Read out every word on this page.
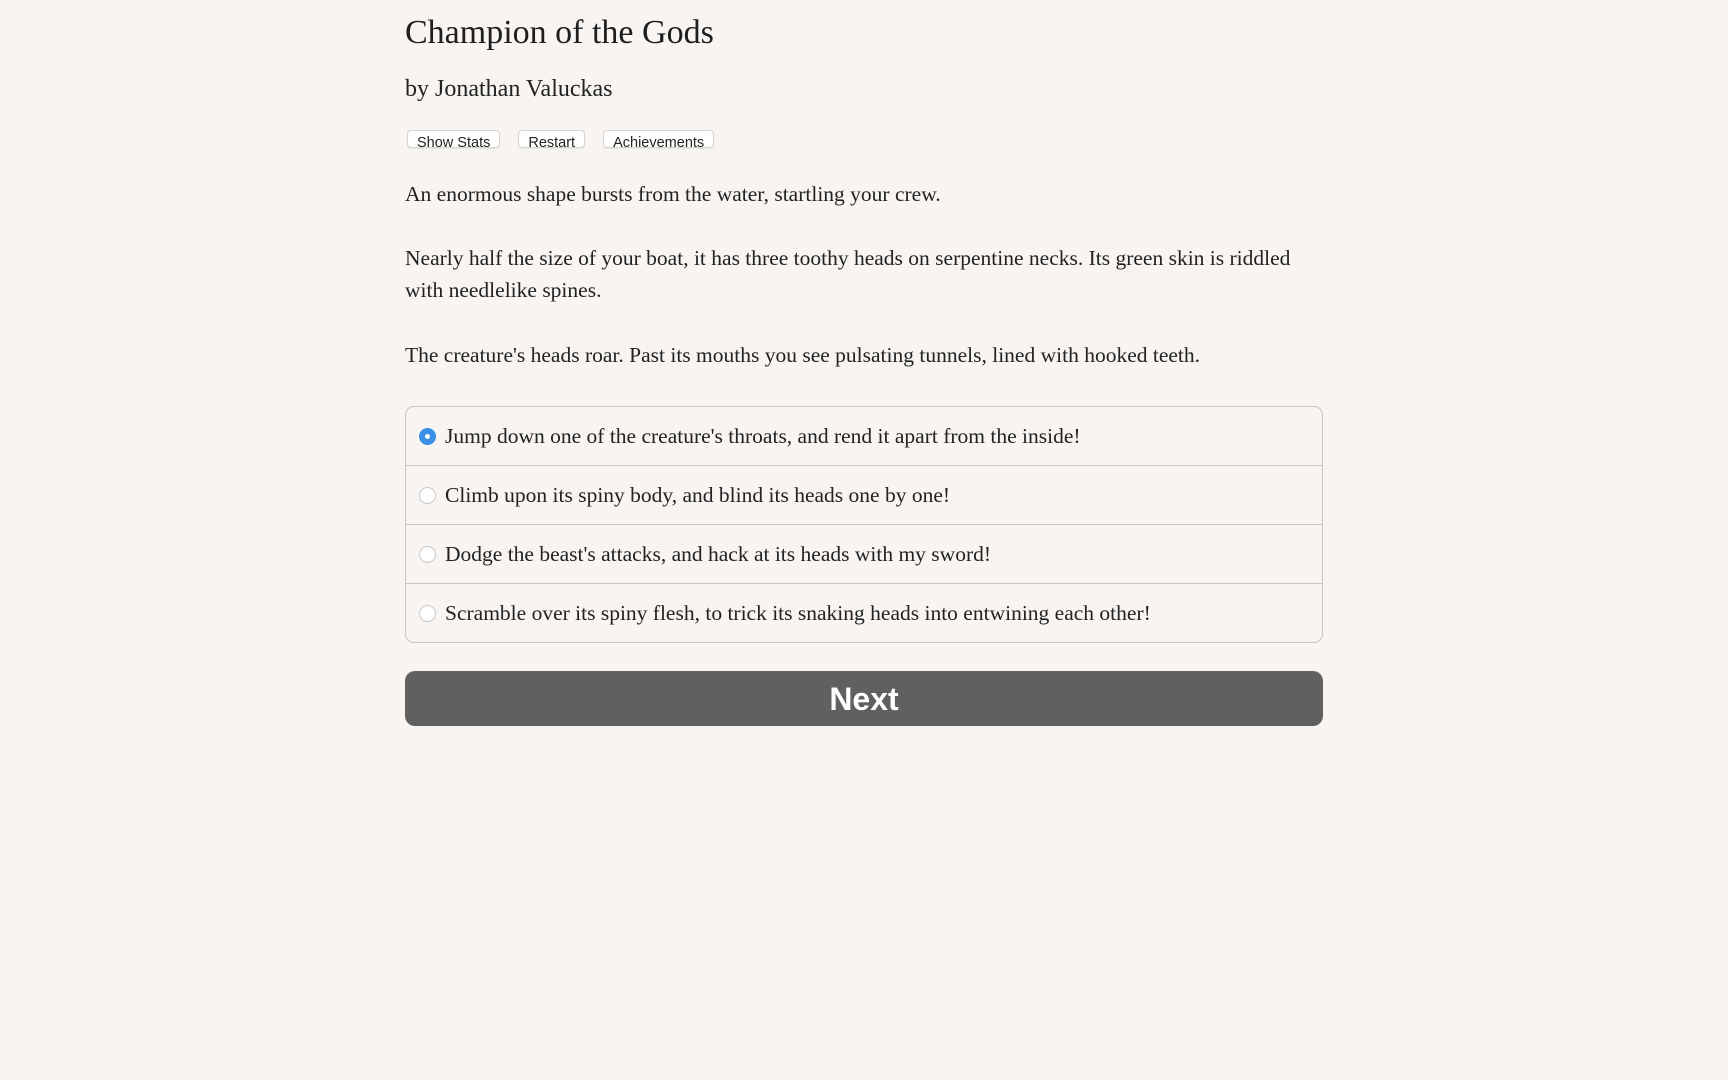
Champion of the Gods
by Jonathan Valuckas
Show Stats	Restart	Achievements

An enormous shape bursts from the water, startling your crew.

Nearly half the size of your boat, it has three toothy heads on serpentine necks. Its green skin is riddled with needlelike spines.

The creature's heads roar. Past its mouths you see pulsating tunnels, lined with hooked teeth.

Jump down one of the creature's throats, and rend it apart from the inside!
Climb upon its spiny body, and blind its heads one by one!
Dodge the beast's attacks, and hack at its heads with my sword!
Scramble over its spiny flesh, to trick its snaking heads into entwining each other!
Next
